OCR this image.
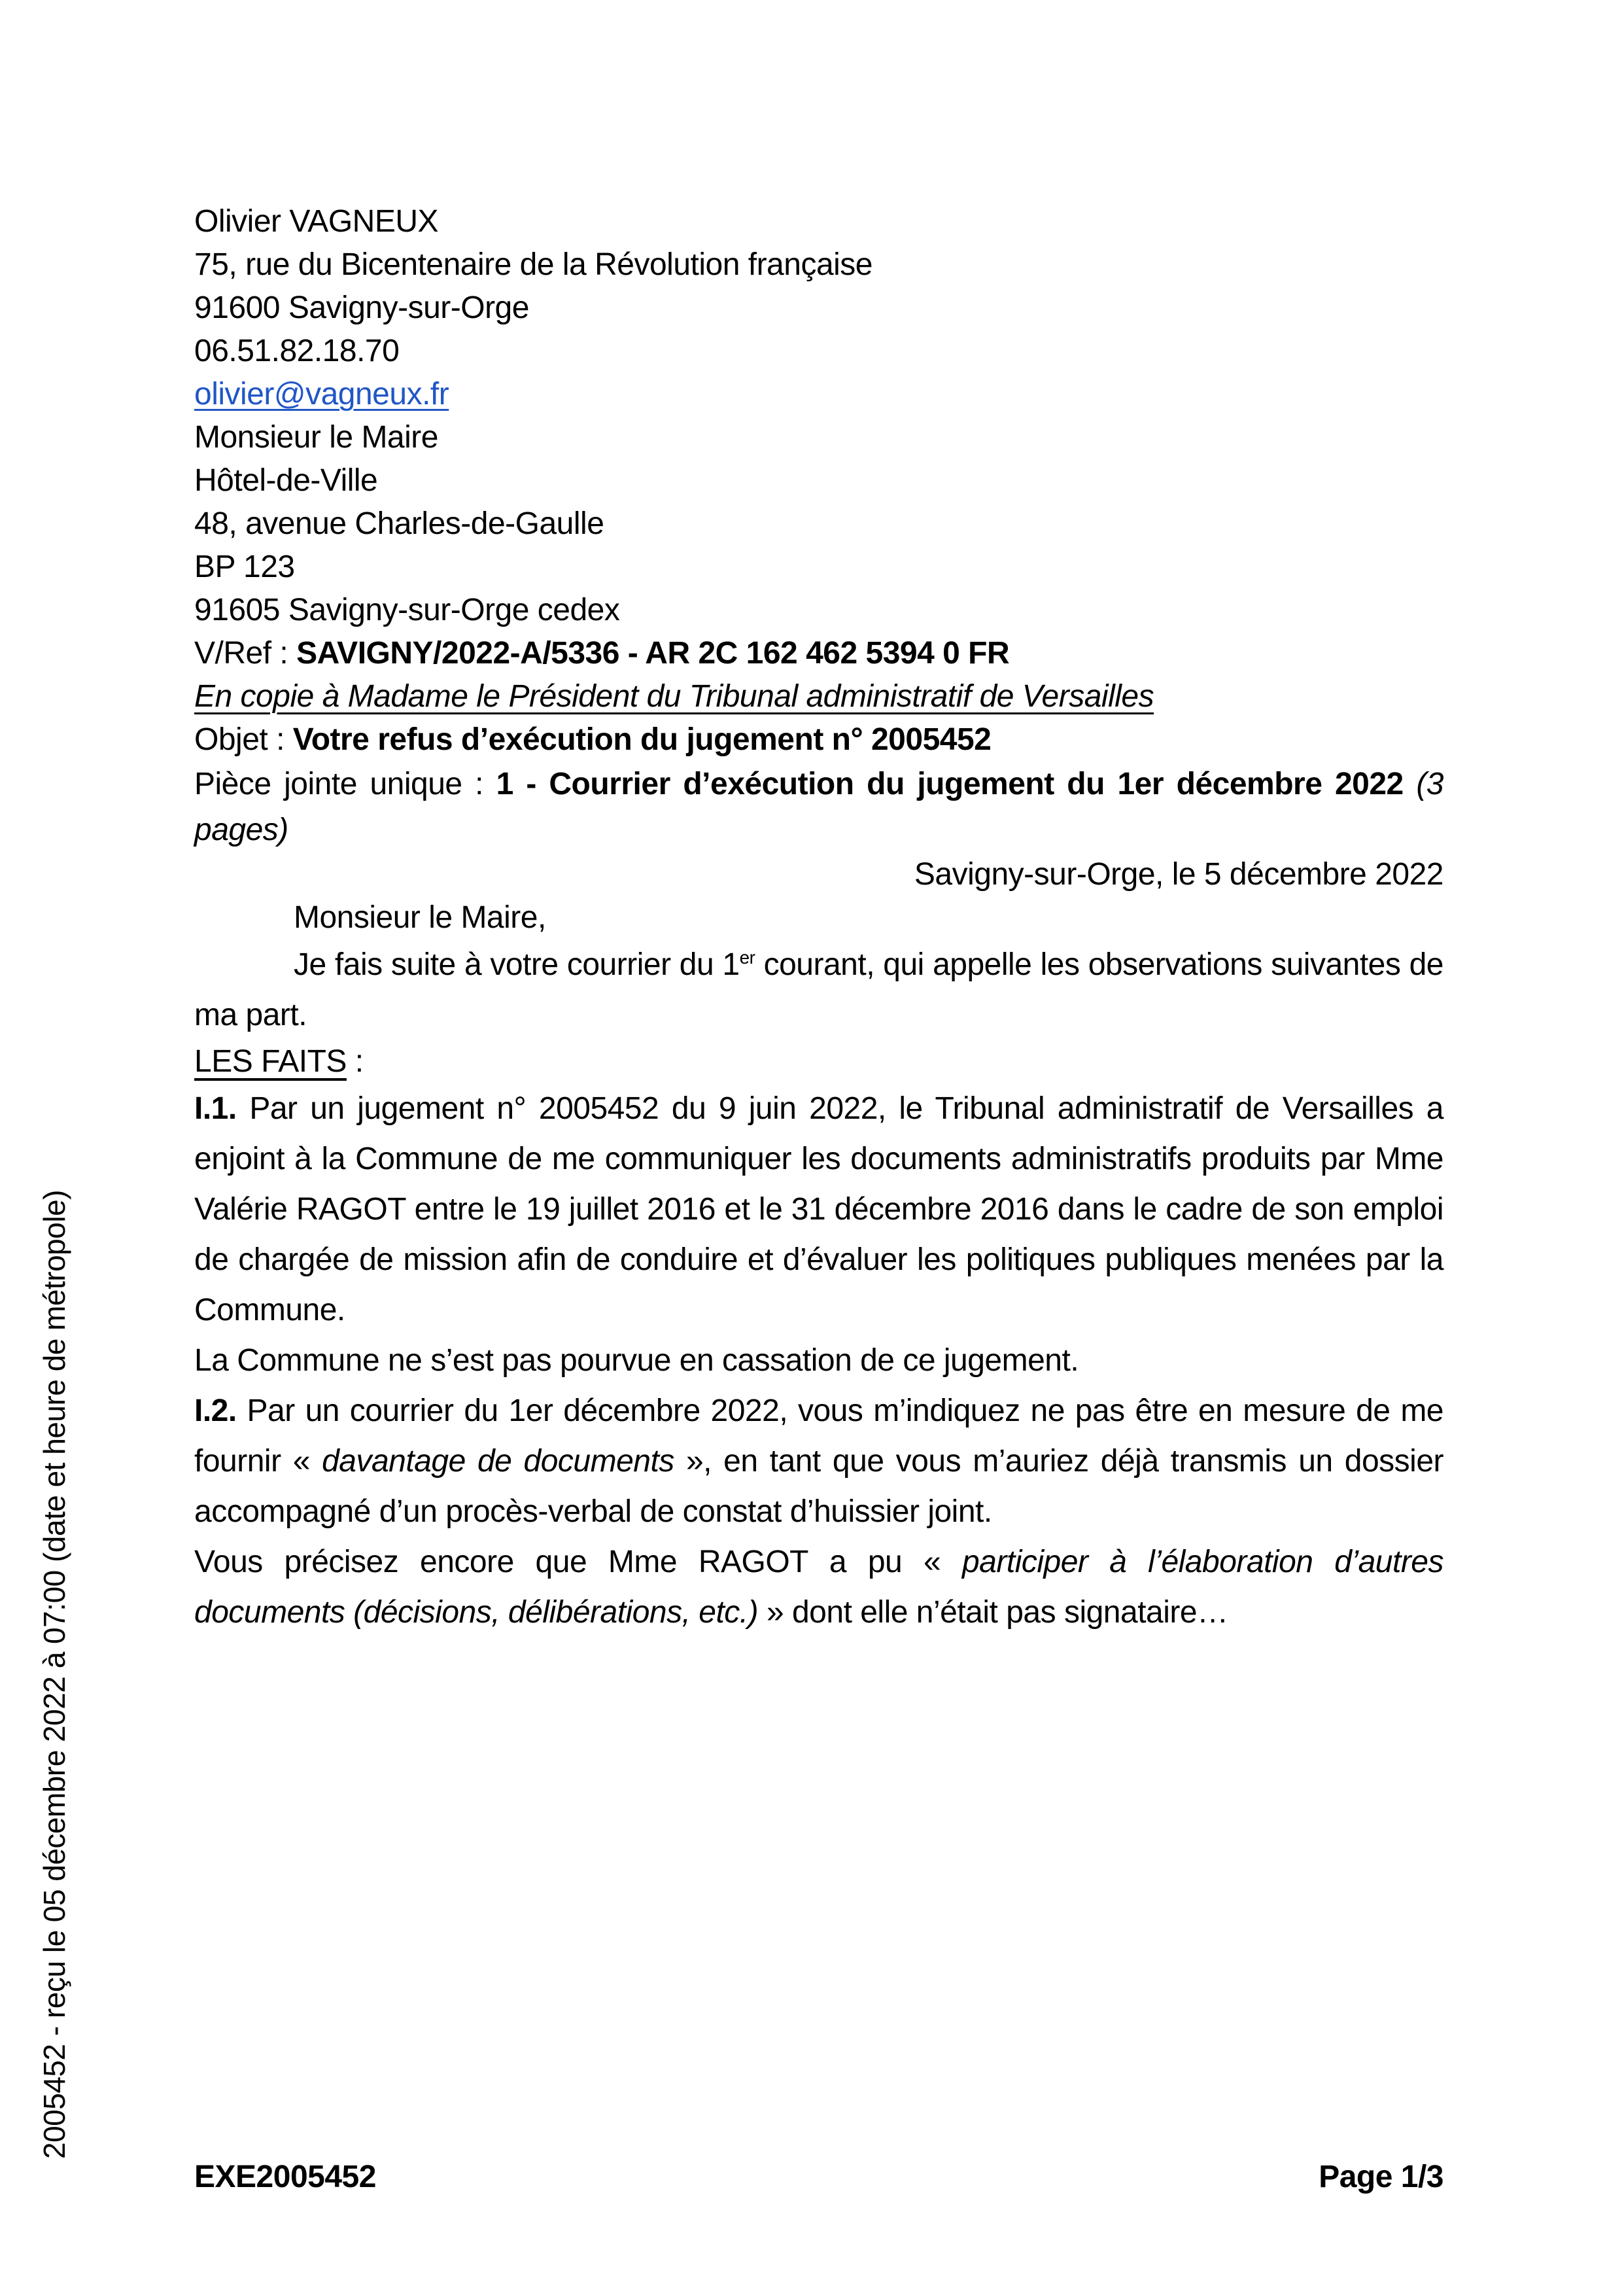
2005452 - reçu le 05 décembre 2022 à 07:00 (date et heure de métropole)
Olivier VAGNEUX
75, rue du Bicentenaire de la Révolution française
91600 Savigny-sur-Orge
06.51.82.18.70
olivier@vagneux.fr
Monsieur le Maire
Hôtel-de-Ville
48, avenue Charles-de-Gaulle
BP 123
91605 Savigny-sur-Orge cedex

V/Ref : SAVIGNY/2022-A/5336 - AR 2C 162 462 5394 0 FR

En copie à Madame le Président du Tribunal administratif de Versailles

Objet : Votre refus d’exécution du jugement n° 2005452

Pièce jointe unique : 1 - Courrier d’exécution du jugement du 1er décembre 2022 (3 pages)

Savigny-sur-Orge, le 5 décembre 2022

Monsieur le Maire,

Je fais suite à votre courrier du 1er courant, qui appelle les observations suivantes de ma part.

LES FAITS :

I.1. Par un jugement n° 2005452 du 9 juin 2022, le Tribunal administratif de Versailles a enjoint à la Commune de me communiquer les documents administratifs produits par Mme Valérie RAGOT entre le 19 juillet 2016 et le 31 décembre 2016 dans le cadre de son emploi de chargée de mission afin de conduire et d’évaluer les politiques publiques menées par la Commune.

La Commune ne s’est pas pourvue en cassation de ce jugement.

I.2. Par un courrier du 1er décembre 2022, vous m’indiquez ne pas être en mesure de me fournir « davantage de documents », en tant que vous m’auriez déjà transmis un dossier accompagné d’un procès-verbal de constat d’huissier joint.

Vous précisez encore que Mme RAGOT a pu « participer à l’élaboration d’autres documents (décisions, délibérations, etc.) » dont elle n’était pas signataire…

EXE2005452	Page 1/3
